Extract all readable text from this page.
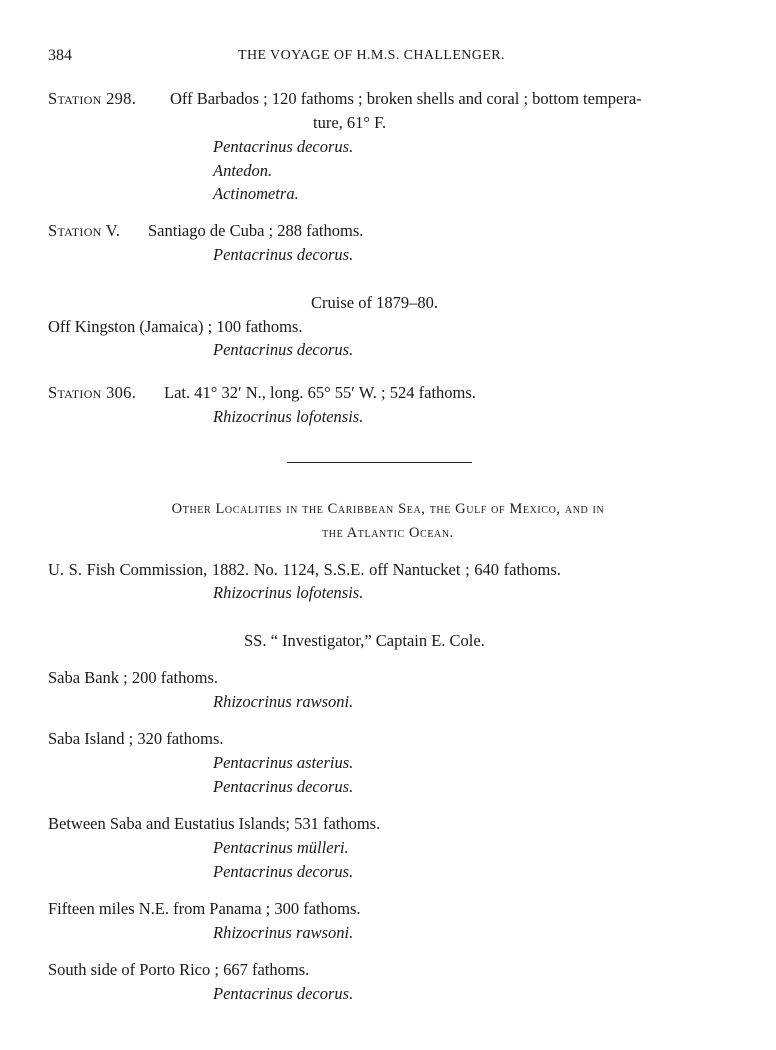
384	THE VOYAGE OF H.M.S. CHALLENGER.
Station 298. Off Barbados ; 120 fathoms ; broken shells and coral ; bottom tempera-
ture, 61° F.
Pentacrinus decorus.
Antedon.
Actinometra.
Station V. Santiago de Cuba ; 288 fathoms.
Pentacrinus decorus.
Cruise of 1879–80.
Off Kingston (Jamaica) ; 100 fathoms.
Pentacrinus decorus.
Station 306. Lat. 41° 32′ N., long. 65° 55′ W. ; 524 fathoms.
Rhizocrinus lofotensis.
Other Localities in the Caribbean Sea, the Gulf of Mexico, and in
the Atlantic Ocean.
U. S. Fish Commission, 1882. No. 1124, S.S.E. off Nantucket ; 640 fathoms.
Rhizocrinus lofotensis.
SS. “ Investigator,” Captain E. Cole.
Saba Bank ; 200 fathoms.
Rhizocrinus rawsoni.
Saba Island ; 320 fathoms.
Pentacrinus asterius.
Pentacrinus decorus.
Between Saba and Eustatius Islands; 531 fathoms.
Pentacrinus mülleri.
Pentacrinus decorus.
Fifteen miles N.E. from Panama ; 300 fathoms.
Rhizocrinus rawsoni.
South side of Porto Rico ; 667 fathoms.
Pentacrinus decorus.
